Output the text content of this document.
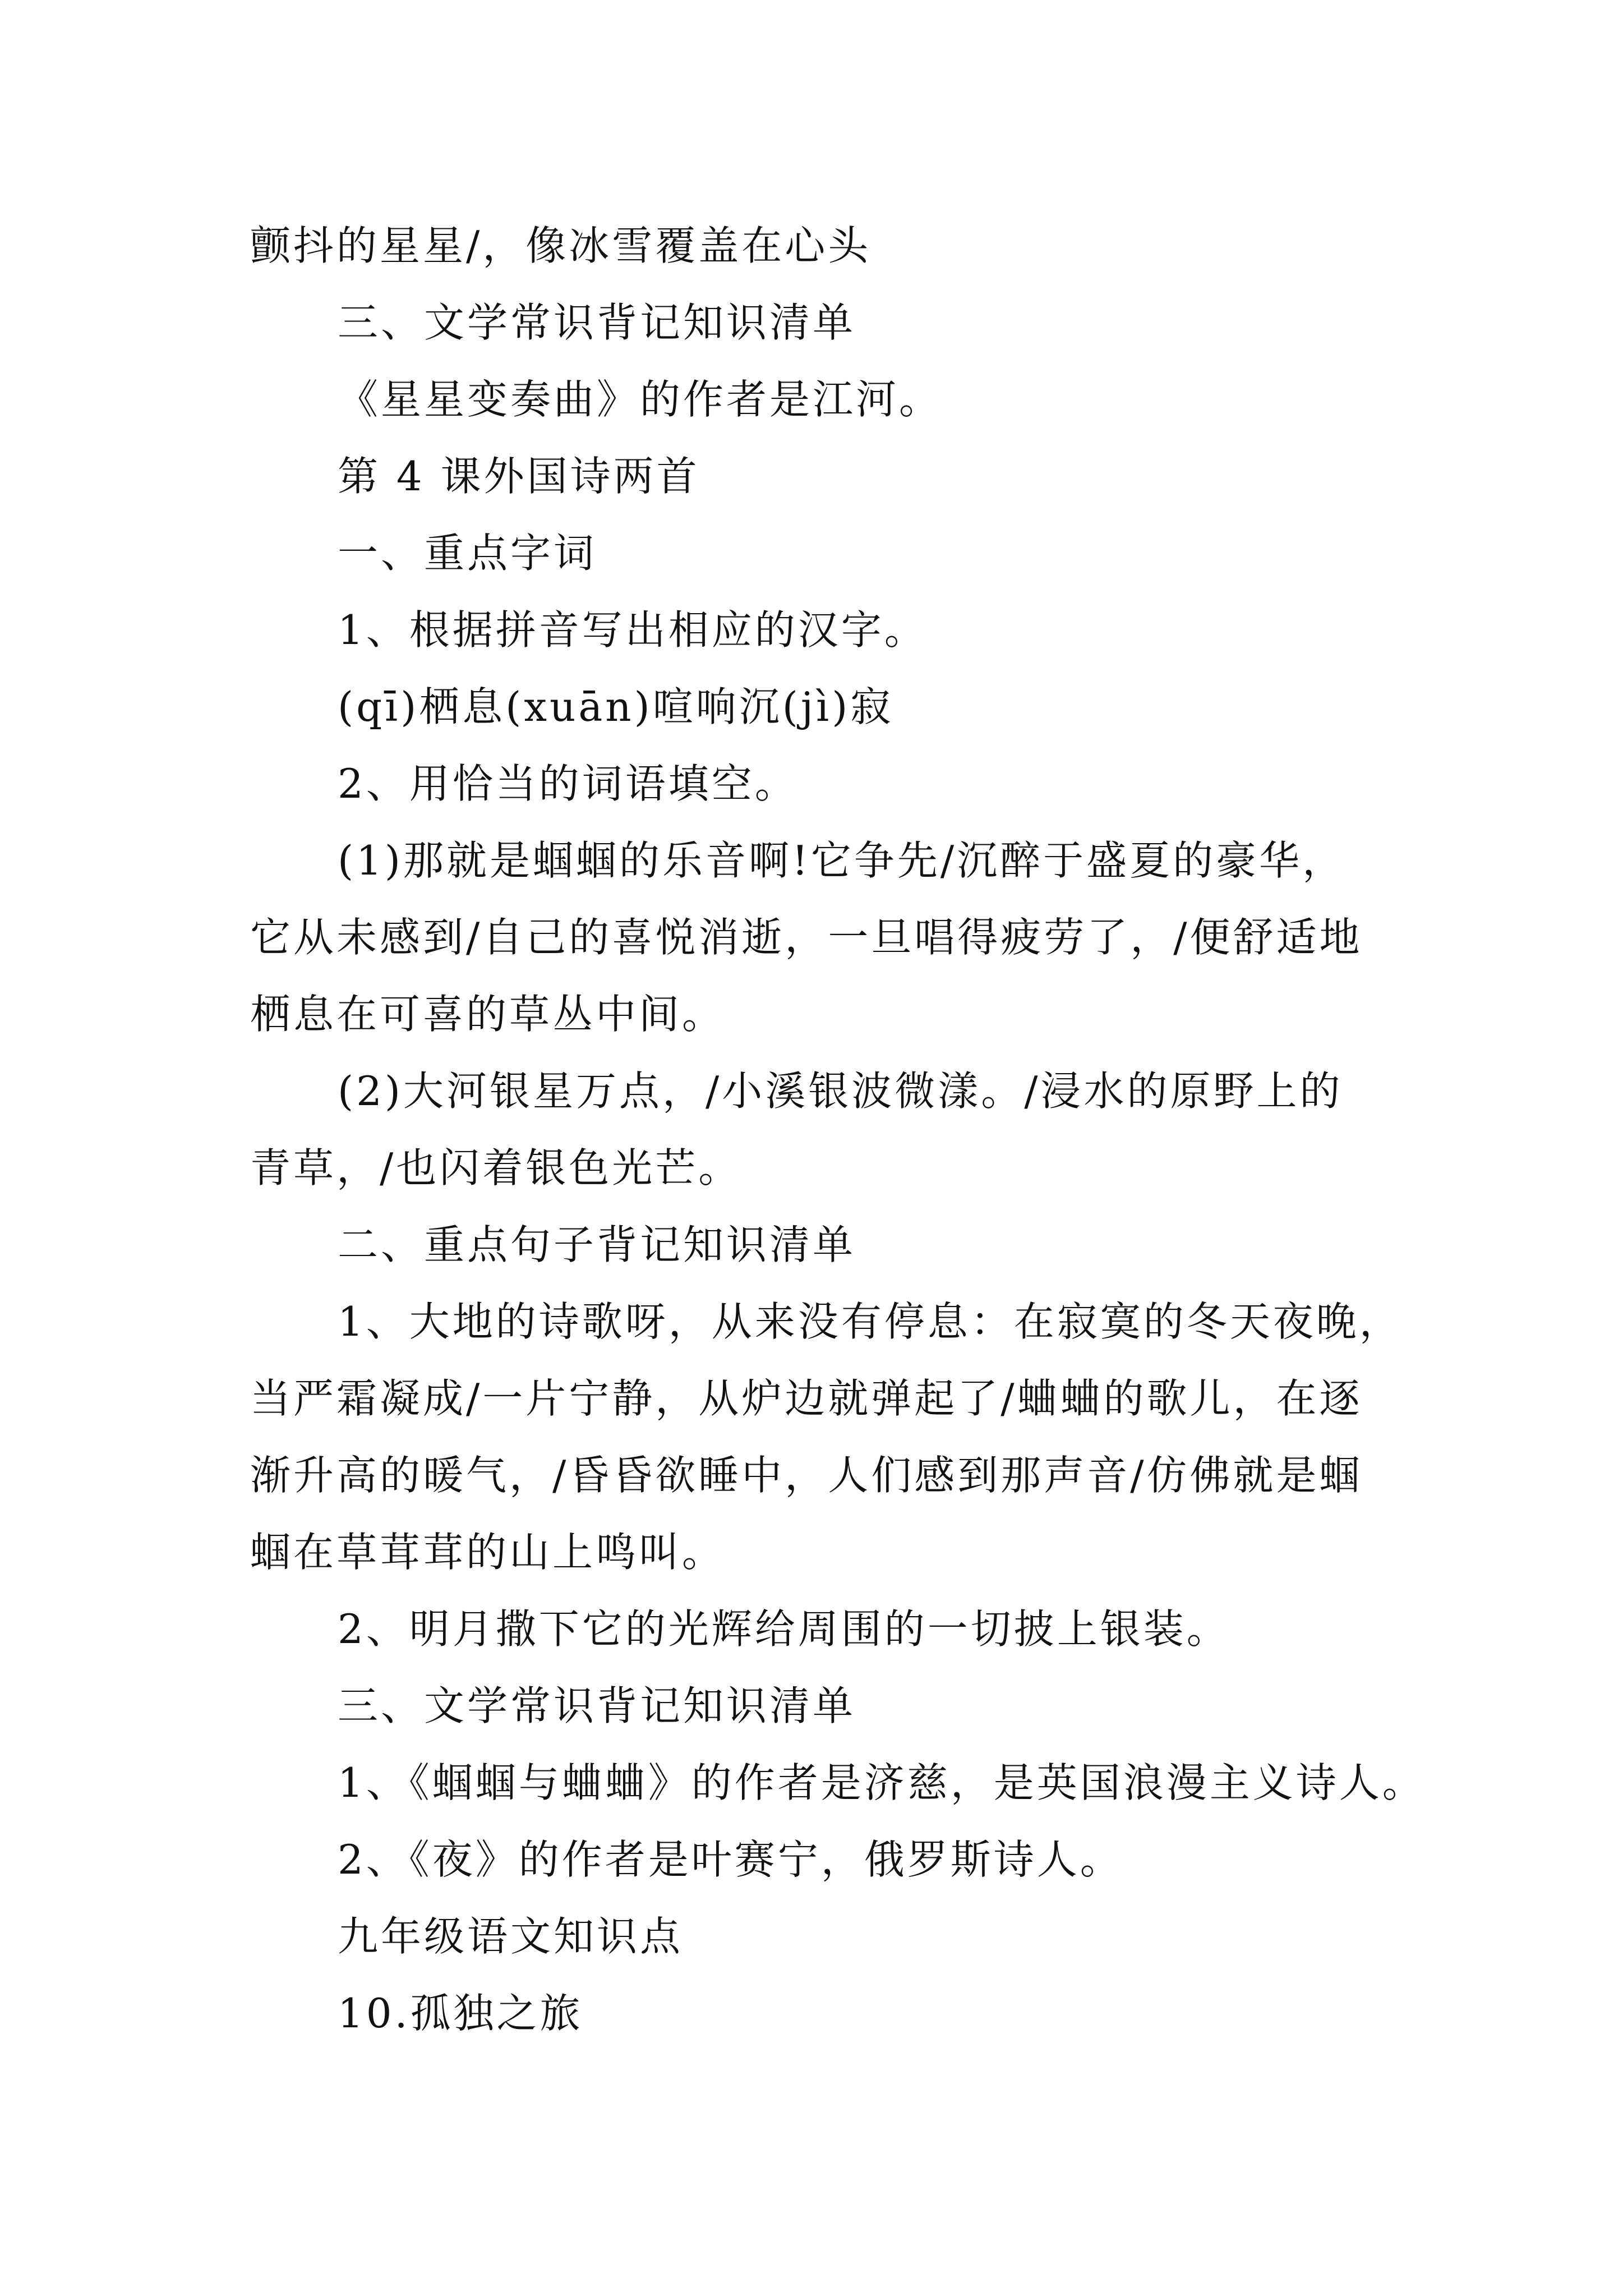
颤抖的星星/，像冰雪覆盖在心头

三、文学常识背记知识清单

《星星变奏曲》的作者是江河。

第 4 课外国诗两首

一、重点字词

1、根据拼音写出相应的汉字。

(qī)栖息(xuān)喧响沉(jì)寂

2、用恰当的词语填空。

(1)那就是蝈蝈的乐音啊!它争先/沉醉于盛夏的豪华，

它从未感到/自己的喜悦消逝，一旦唱得疲劳了，/便舒适地

栖息在可喜的草丛中间。

(2)大河银星万点，/小溪银波微漾。/浸水的原野上的

青草，/也闪着银色光芒。

二、重点句子背记知识清单

1、大地的诗歌呀，从来没有停息：在寂寞的冬天夜晚，

当严霜凝成/一片宁静，从炉边就弹起了/蛐蛐的歌儿，在逐

渐升高的暖气，/昏昏欲睡中，人们感到那声音/仿佛就是蝈

蝈在草茸茸的山上鸣叫。

2、明月撒下它的光辉给周围的一切披上银装。

三、文学常识背记知识清单

1、《蝈蝈与蛐蛐》的作者是济慈，是英国浪漫主义诗人。

2、《夜》的作者是叶赛宁，俄罗斯诗人。

九年级语文知识点

10.孤独之旅
